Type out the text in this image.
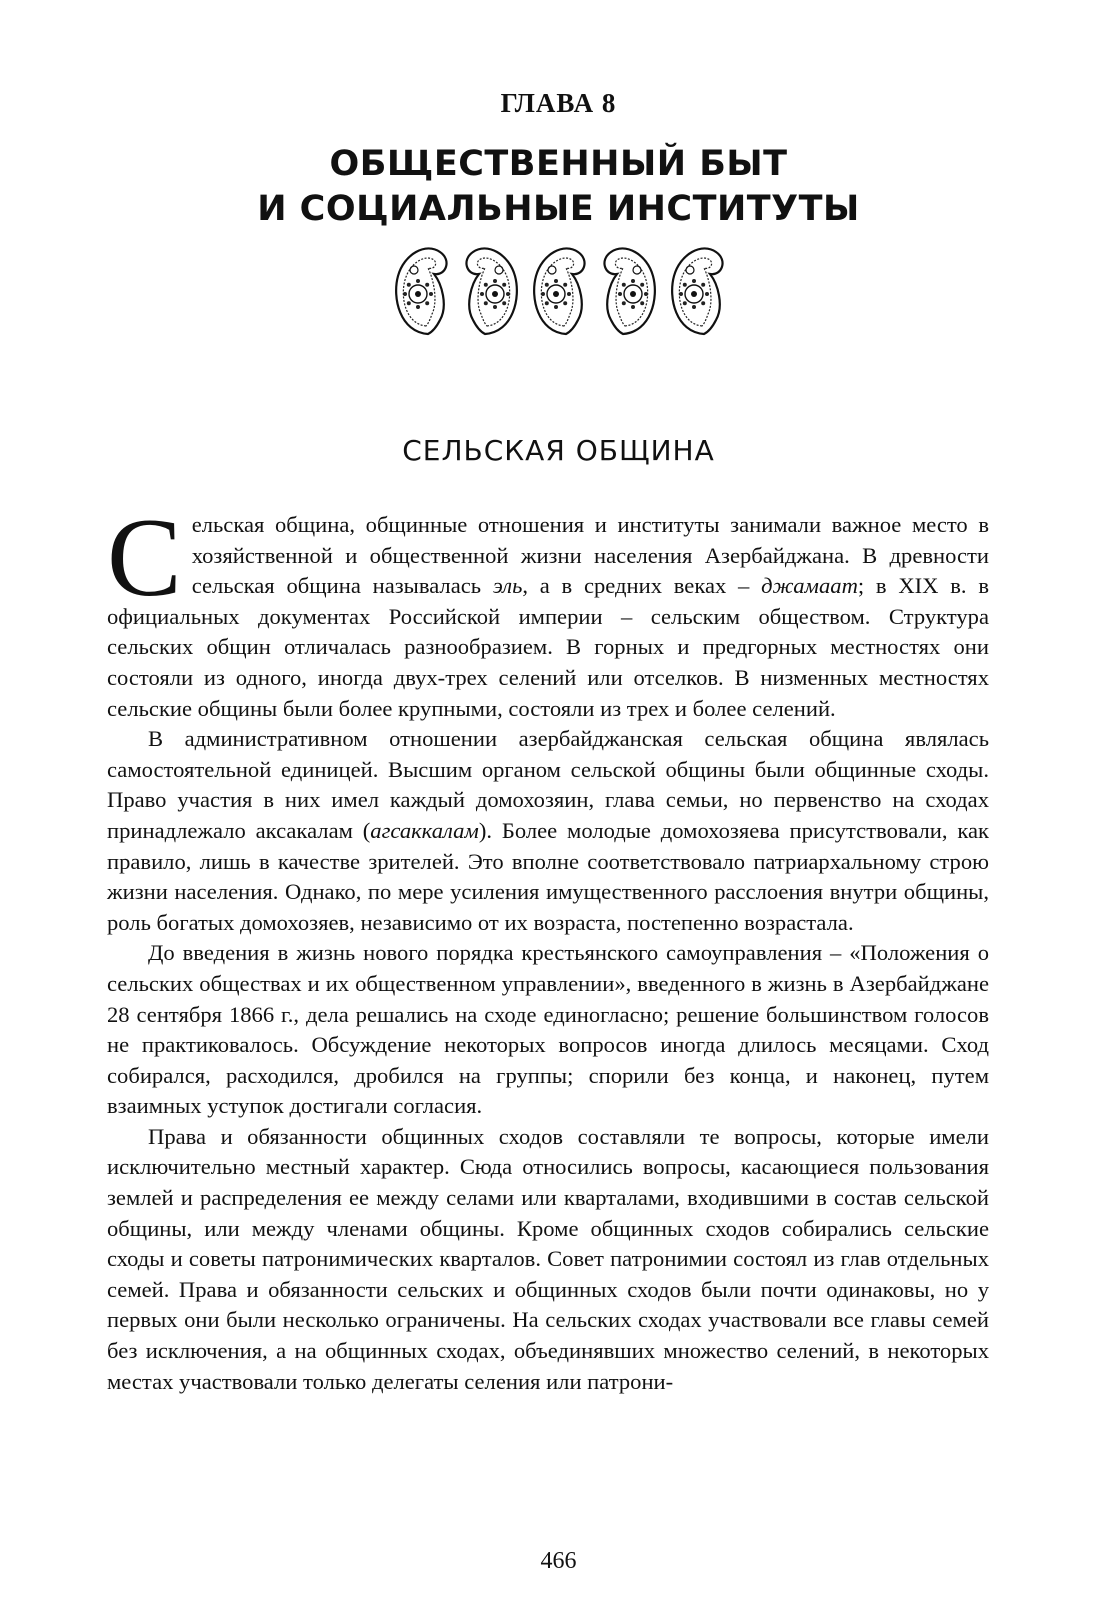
ГЛАВА 8
ОБЩЕСТВЕННЫЙ БЫТ
И СОЦИАЛЬНЫЕ ИНСТИТУТЫ
СЕЛЬСКАЯ ОБЩИНА

Сельская община, общинные отношения и институты занимали важное место в хозяйственной и общественной жизни населения Азербайджана. В древности сельская община называлась эль, а в средних веках – джамаат; в XIX в. в официальных документах Российской империи – сельским обществом. Структура сельских общин отличалась разнообразием. В горных и предгорных местностях они состояли из одного, иногда двух-трех селений или отселков. В низменных местностях сельские общины были более крупными, состояли из трех и более селений.

В административном отношении азербайджанская сельская община являлась самостоятельной единицей. Высшим органом сельской общины были общинные сходы. Право участия в них имел каждый домохозяин, глава семьи, но первенство на сходах принадлежало аксакалам (агсаккалам). Более молодые домохозяева присутствовали, как правило, лишь в качестве зрителей. Это вполне соответствовало патриархальному строю жизни населения. Однако, по мере усиления имущественного расслоения внутри общины, роль богатых домохозяев, независимо от их возраста, постепенно возрастала.

До введения в жизнь нового порядка крестьянского самоуправления – «Положения о сельских обществах и их общественном управлении», введенного в жизнь в Азербайджане 28 сентября 1866 г., дела решались на сходе единогласно; решение большинством голосов не практиковалось. Обсуждение некоторых вопросов иногда длилось месяцами. Сход собирался, расходился, дробился на группы; спорили без конца, и наконец, путем взаимных уступок достигали согласия.

Права и обязанности общинных сходов составляли те вопросы, которые имели исключительно местный характер. Сюда относились вопросы, касающиеся пользования землей и распределения ее между селами или кварталами, входившими в состав сельской общины, или между членами общины. Кроме общинных сходов собирались сельские сходы и советы патронимических кварталов. Совет патронимии состоял из глав отдельных семей. Права и обязанности сельских и общинных сходов были почти одинаковы, но у первых они были несколько ограничены. На сельских сходах участвовали все главы семей без исключения, а на общинных сходах, объединявших множество селений, в некоторых местах участвовали только делегаты селения или патрони-

466
